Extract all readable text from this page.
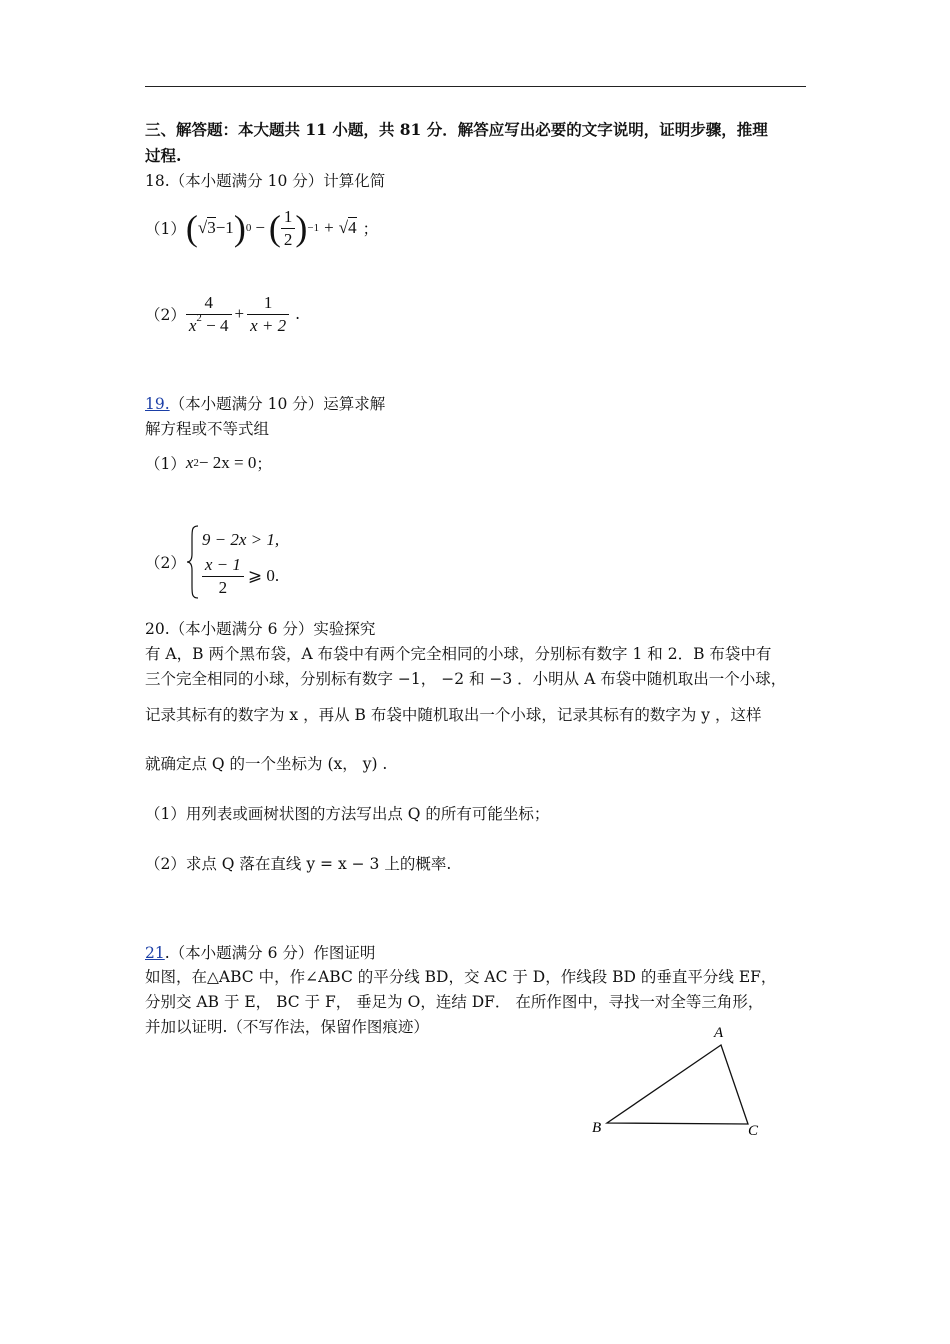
三、解答题：本大题共 11 小题，共 81 分．解答应写出必要的文字说明，证明步骤，推理
过程.
18.（本小题满分 10 分）计算化简
（1） ( √3 −1 ) 0 − ( $\frac{1}{2}$ ) −1 + √4 ；
$(2) \frac{4}{x^2 - 4} + \frac{1}{x + 2}$ .
19.（本小题满分 10 分）运算求解
解方程或不等式组
（1） x 2 − 2x = 0 ；
（2）
9 − 2x > 1,
$\frac{x - 1}{2}$ ⩾ 0.
20.（本小题满分 6 分）实验探究
有 A，B 两个黑布袋，A 布袋中有两个完全相同的小球，分别标有数字 1 和 2．B 布袋中有
三个完全相同的小球，分别标有数字 −1， −2 和 −3 ．小明从 A 布袋中随机取出一个小球，
记录其标有的数字为 x ，再从 B 布袋中随机取出一个小球，记录其标有的数字为 y ，这样
就确定点 Q 的一个坐标为 (x， y) .
（1）用列表或画树状图的方法写出点 Q 的所有可能坐标；
（2）求点 Q 落在直线 y = x − 3 上的概率.
21.（本小题满分 6 分）作图证明
如图，在△ABC 中，作∠ABC 的平分线 BD，交 AC 于 D，作线段 BD 的垂直平分线 EF，
分别交 AB 于 E， BC 于 F， 垂足为 O，连结 DF． 在所作图中，寻找一对全等三角形，
并加以证明.（不写作法，保留作图痕迹）	A
B	C
